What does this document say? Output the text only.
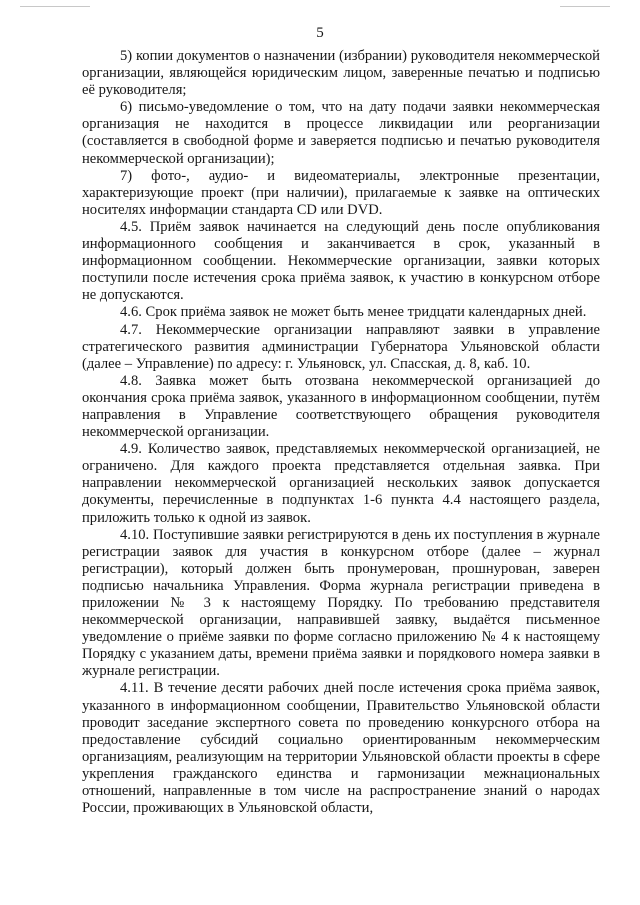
5

5) копии документов о назначении (избрании) руководителя некоммерческой организации, являющейся юридическим лицом, заверенные печатью и подписью её руководителя;

6) письмо-уведомление о том, что на дату подачи заявки некоммерческая организация не находится в процессе ликвидации или реорганизации (составляется в свободной форме и заверяется подписью и печатью руководителя некоммерческой организации);

7) фото-, аудио- и видеоматериалы, электронные презентации, характеризующие проект (при наличии), прилагаемые к заявке на оптических носителях информации стандарта CD или DVD.

4.5. Приём заявок начинается на следующий день после опубликования информационного сообщения и заканчивается в срок, указанный в информационном сообщении. Некоммерческие организации, заявки которых поступили после истечения срока приёма заявок, к участию в конкурсном отборе не допускаются.

4.6. Срок приёма заявок не может быть менее тридцати календарных дней.

4.7. Некоммерческие организации направляют заявки в управление стратегического развития администрации Губернатора Ульяновской области (далее – Управление) по адресу: г. Ульяновск, ул. Спасская, д. 8, каб. 10.

4.8. Заявка может быть отозвана некоммерческой организацией до окончания срока приёма заявок, указанного в информационном сообщении, путём направления в Управление соответствующего обращения руководителя некоммерческой организации.

4.9. Количество заявок, представляемых некоммерческой организацией, не ограничено. Для каждого проекта представляется отдельная заявка. При направлении некоммерческой организацией нескольких заявок допускается документы, перечисленные в подпунктах 1-6 пункта 4.4 настоящего раздела, приложить только к одной из заявок.

4.10. Поступившие заявки регистрируются в день их поступления в журнале регистрации заявок для участия в конкурсном отборе (далее – журнал регистрации), который должен быть пронумерован, прошнурован, заверен подписью начальника Управления. Форма журнала регистрации приведена в приложении № 3 к настоящему Порядку. По требованию представителя некоммерческой организации, направившей заявку, выдаётся письменное уведомление о приёме заявки по форме согласно приложению № 4 к настоящему Порядку с указанием даты, времени приёма заявки и порядкового номера заявки в журнале регистрации.

4.11. В течение десяти рабочих дней после истечения срока приёма заявок, указанного в информационном сообщении, Правительство Ульяновской области проводит заседание экспертного совета по проведению конкурсного отбора на предоставление субсидий социально ориентированным некоммерческим организациям, реализующим на территории Ульяновской области проекты в сфере укрепления гражданского единства и гармонизации межнациональных отношений, направленные в том числе на распространение знаний о народах России, проживающих в Ульяновской области,
